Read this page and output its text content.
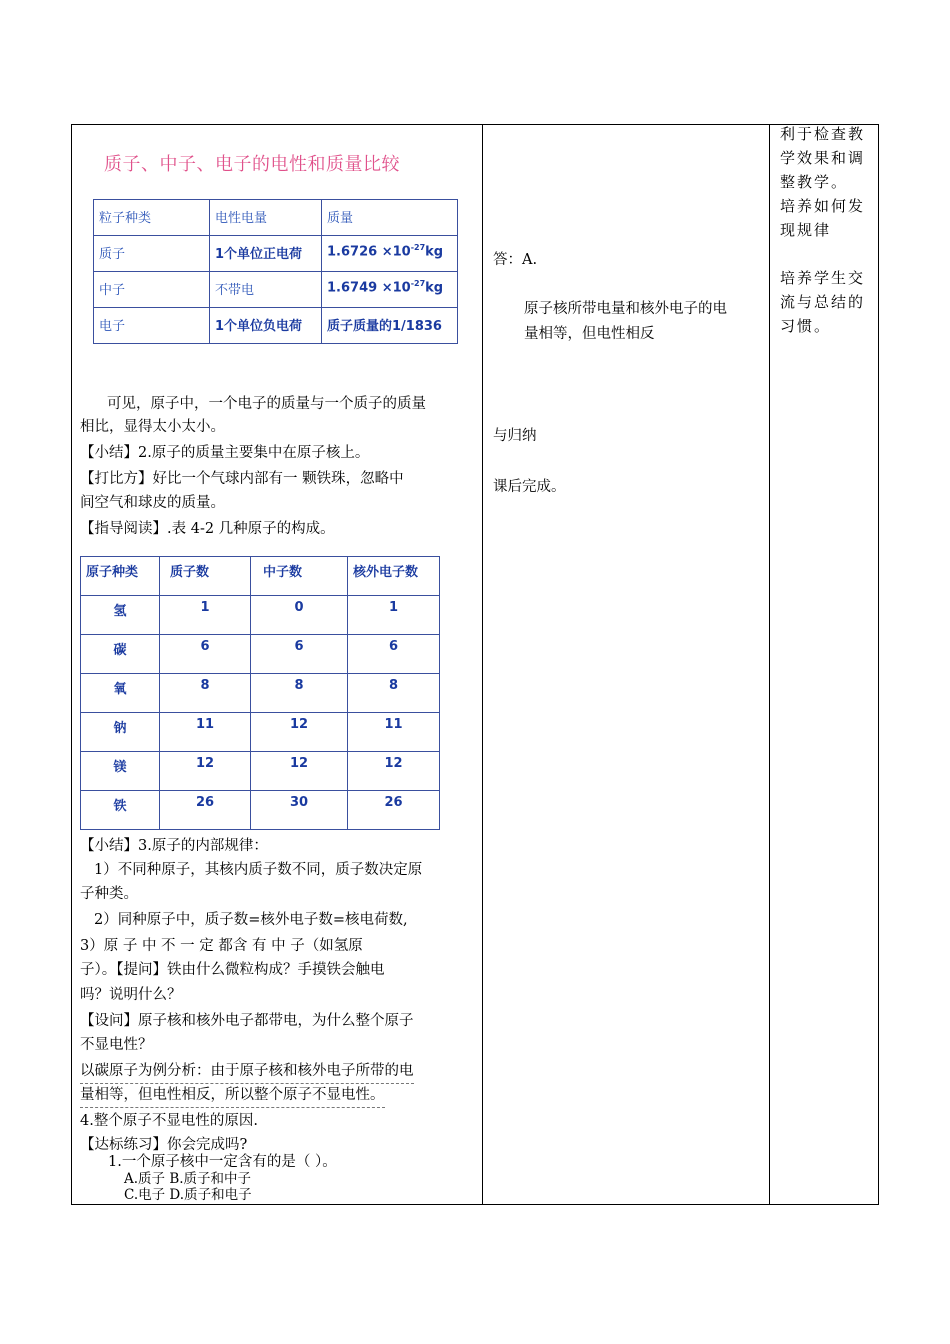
质子、中子、电子的电性和质量比较
粒子种类	电性电量	质量
质子	1个单位正电荷	$1.6726 \times 10^{-27}kg$
中子	不带电	$1.6749 \times 10^{-27}kg$
电子	1个单位负电荷	质子质量的1/1836
可见，原子中，一个电子的质量与一个质子的质量
相比，显得太小太小。
【小结】2.原子的质量主要集中在原子核上。
【打比方】好比一个气球内部有一 颗铁珠，忽略中
间空气和球皮的质量。
【指导阅读】.表 4-2 几种原子的构成。
原子种类	质子数	中子数	核外电子数
氢	1	0	1
碳	6	6	6
氧	8	8	8
钠	11	12	11
镁	12	12	12
铁	26	30	26
【小结】3.原子的内部规律：
1）不同种原子，其核内质子数不同，质子数决定原
子种类。
2）同种原子中，质子数=核外电子数=核电荷数,
3）原 子 中 不 一 定 都含 有 中 子（如氢原
子）。【提问】铁由什么微粒构成？手摸铁会触电
吗？说明什么？
【设问】原子核和核外电子都带电，为什么整个原子
不显电性？
以碳原子为例分析：由于原子核和核外电子所带的电
量相等，但电性相反，所以整个原子不显电性。
4.整个原子不显电性的原因.
【达标练习】你会完成吗?
1.一个原子核中一定含有的是（ ）。
A.质子 B.质子和中子
C.电子 D.质子和电子
答：A.
原子核所带电量和核外电子的电
量相等，但电性相反
与归纳
课后完成。
利于检查教
学效果和调
整教学。
培养如何发
现规律
培养学生交
流与总结的
习惯。
